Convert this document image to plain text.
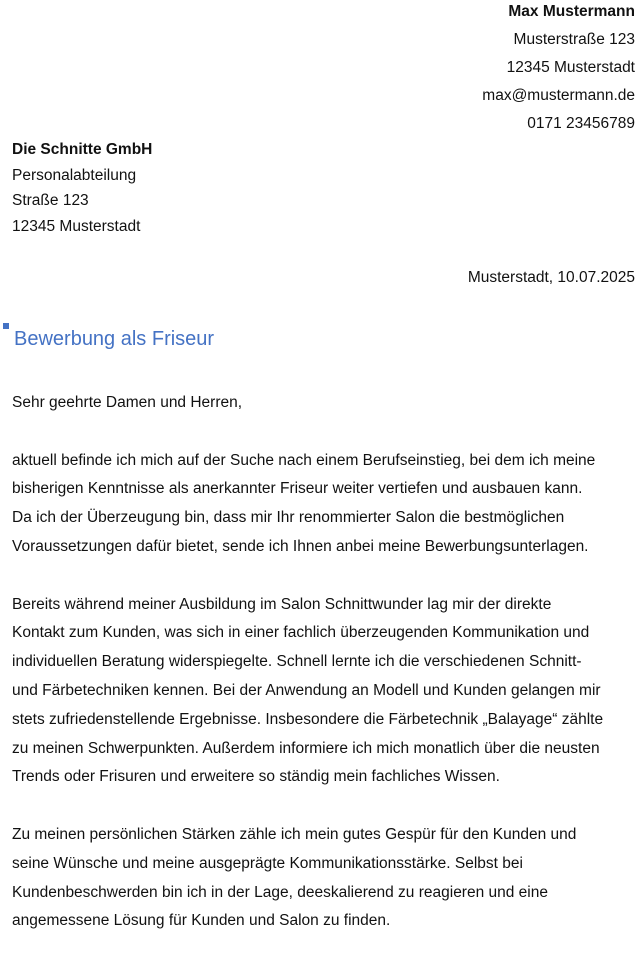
Max Mustermann
Musterstraße 123
12345 Musterstadt
max@mustermann.de
0171 23456789
Die Schnitte GmbH
Personalabteilung
Straße 123
12345 Musterstadt
Musterstadt, 10.07.2025
Bewerbung als Friseur

Sehr geehrte Damen und Herren,

aktuell befinde ich mich auf der Suche nach einem Berufseinstieg, bei dem ich meine
bisherigen Kenntnisse als anerkannter Friseur weiter vertiefen und ausbauen kann.
Da ich der Überzeugung bin, dass mir Ihr renommierter Salon die bestmöglichen
Voraussetzungen dafür bietet, sende ich Ihnen anbei meine Bewerbungsunterlagen.

Bereits während meiner Ausbildung im Salon Schnittwunder lag mir der direkte
Kontakt zum Kunden, was sich in einer fachlich überzeugenden Kommunikation und
individuellen Beratung widerspiegelte. Schnell lernte ich die verschiedenen Schnitt-
und Färbetechniken kennen. Bei der Anwendung an Modell und Kunden gelangen mir
stets zufriedenstellende Ergebnisse. Insbesondere die Färbetechnik „Balayage“ zählte
zu meinen Schwerpunkten. Außerdem informiere ich mich monatlich über die neusten
Trends oder Frisuren und erweitere so ständig mein fachliches Wissen.

Zu meinen persönlichen Stärken zähle ich mein gutes Gespür für den Kunden und
seine Wünsche und meine ausgeprägte Kommunikationsstärke. Selbst bei
Kundenbeschwerden bin ich in der Lage, deeskalierend zu reagieren und eine
angemessene Lösung für Kunden und Salon zu finden.
